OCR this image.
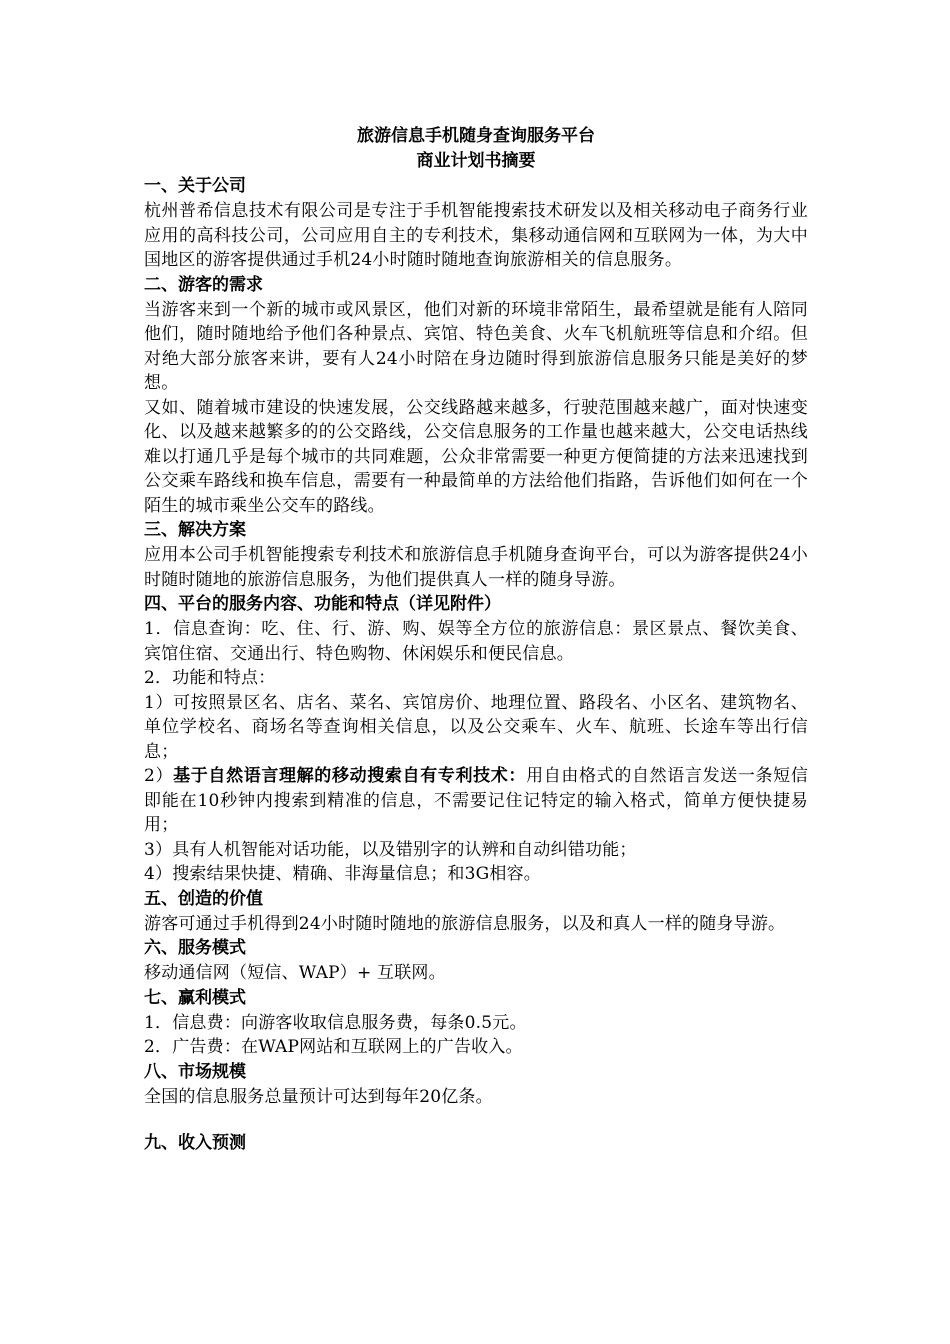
旅游信息手机随身查询服务平台

商业计划书摘要

一、关于公司

杭州普希信息技术有限公司是专注于手机智能搜索技术研发以及相关移动电子商务行业应用的高科技公司，公司应用自主的专利技术，集移动通信网和互联网为一体，为大中国地区的游客提供通过手机24小时随时随地查询旅游相关的信息服务。

二、游客的需求

当游客来到一个新的城市或风景区，他们对新的环境非常陌生，最希望就是能有人陪同他们，随时随地给予他们各种景点、宾馆、特色美食、火车飞机航班等信息和介绍。但对绝大部分旅客来讲，要有人24小时陪在身边随时得到旅游信息服务只能是美好的梦想。

又如、随着城市建设的快速发展，公交线路越来越多，行驶范围越来越广，面对快速变化、以及越来越繁多的的公交路线，公交信息服务的工作量也越来越大，公交电话热线难以打通几乎是每个城市的共同难题，公众非常需要一种更方便简捷的方法来迅速找到公交乘车路线和换车信息，需要有一种最简单的方法给他们指路，告诉他们如何在一个陌生的城市乘坐公交车的路线。

三、解决方案

应用本公司手机智能搜索专利技术和旅游信息手机随身查询平台，可以为游客提供24小时随时随地的旅游信息服务，为他们提供真人一样的随身导游。

四、平台的服务内容、功能和特点（详见附件）

1．信息查询：吃、住、行、游、购、娱等全方位的旅游信息：景区景点、餐饮美食、宾馆住宿、交通出行、特色购物、休闲娱乐和便民信息。

2．功能和特点：

1）可按照景区名、店名、菜名、宾馆房价、地理位置、路段名、小区名、建筑物名、单位学校名、商场名等查询相关信息，以及公交乘车、火车、航班、长途车等出行信息；

2）基于自然语言理解的移动搜索自有专利技术：用自由格式的自然语言发送一条短信即能在10秒钟内搜索到精准的信息，不需要记住记特定的输入格式，简单方便快捷易用；

3）具有人机智能对话功能，以及错别字的认辨和自动纠错功能；

4）搜索结果快捷、精确、非海量信息；和3G相容。

五、创造的价值

游客可通过手机得到24小时随时随地的旅游信息服务，以及和真人一样的随身导游。

六、服务模式

移动通信网（短信、WAP）+ 互联网。

七、赢利模式

1．信息费：向游客收取信息服务费，每条0.5元。

2．广告费：在WAP网站和互联网上的广告收入。

八、市场规模

全国的信息服务总量预计可达到每年20亿条。

九、收入预测
